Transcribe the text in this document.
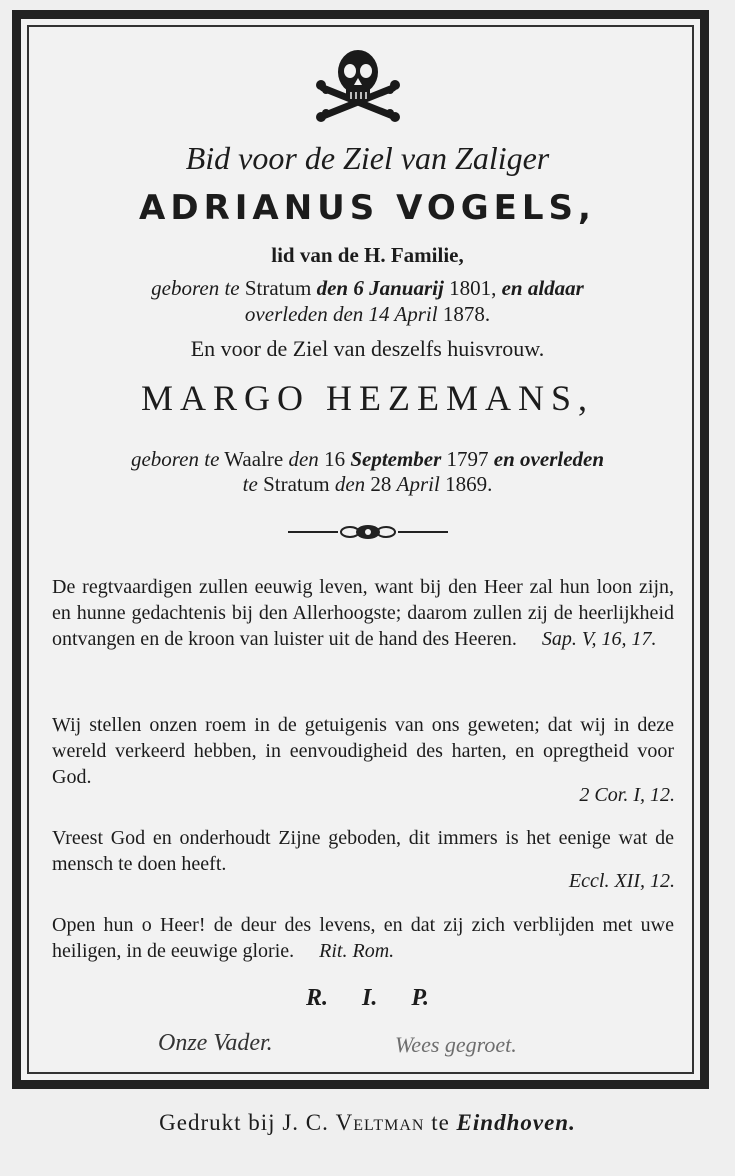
Bid voor de Ziel van Zaliger
ADRIANUS VOGELS,
lid van de H. Familie,
geboren te Stratum den 6 Januarij 1801, en aldaar
overleden den 14 April 1878.
En voor de Ziel van deszelfs huisvrouw.
MARGO HEZEMANS,
geboren te Waalre den 16 September 1797 en overleden
te Stratum den 28 April 1869.
De regtvaardigen zullen eeuwig leven, want bij den Heer zal hun loon zijn, en hunne gedachtenis bij den Allerhoogste; daarom zullen zij de heerlijkheid ontvangen en de kroon van luister uit de hand des Heeren. Sap. V, 16, 17.
Wij stellen onzen roem in de getuigenis van ons geweten; dat wij in deze wereld verkeerd hebben, in eenvoudigheid des harten, en opregtheid voor God.
2 Cor. I, 12.
Vreest God en onderhoudt Zijne geboden, dit immers is het eenige wat de mensch te doen heeft.
Eccl. XII, 12.
Open hun o Heer! de deur des levens, en dat zij zich verblijden met uwe heiligen, in de eeuwige glorie. Rit. Rom.
R. I. P.
Onze Vader.	Wees gegroet.
Gedrukt bij J. C. Veltman te Eindhoven.
